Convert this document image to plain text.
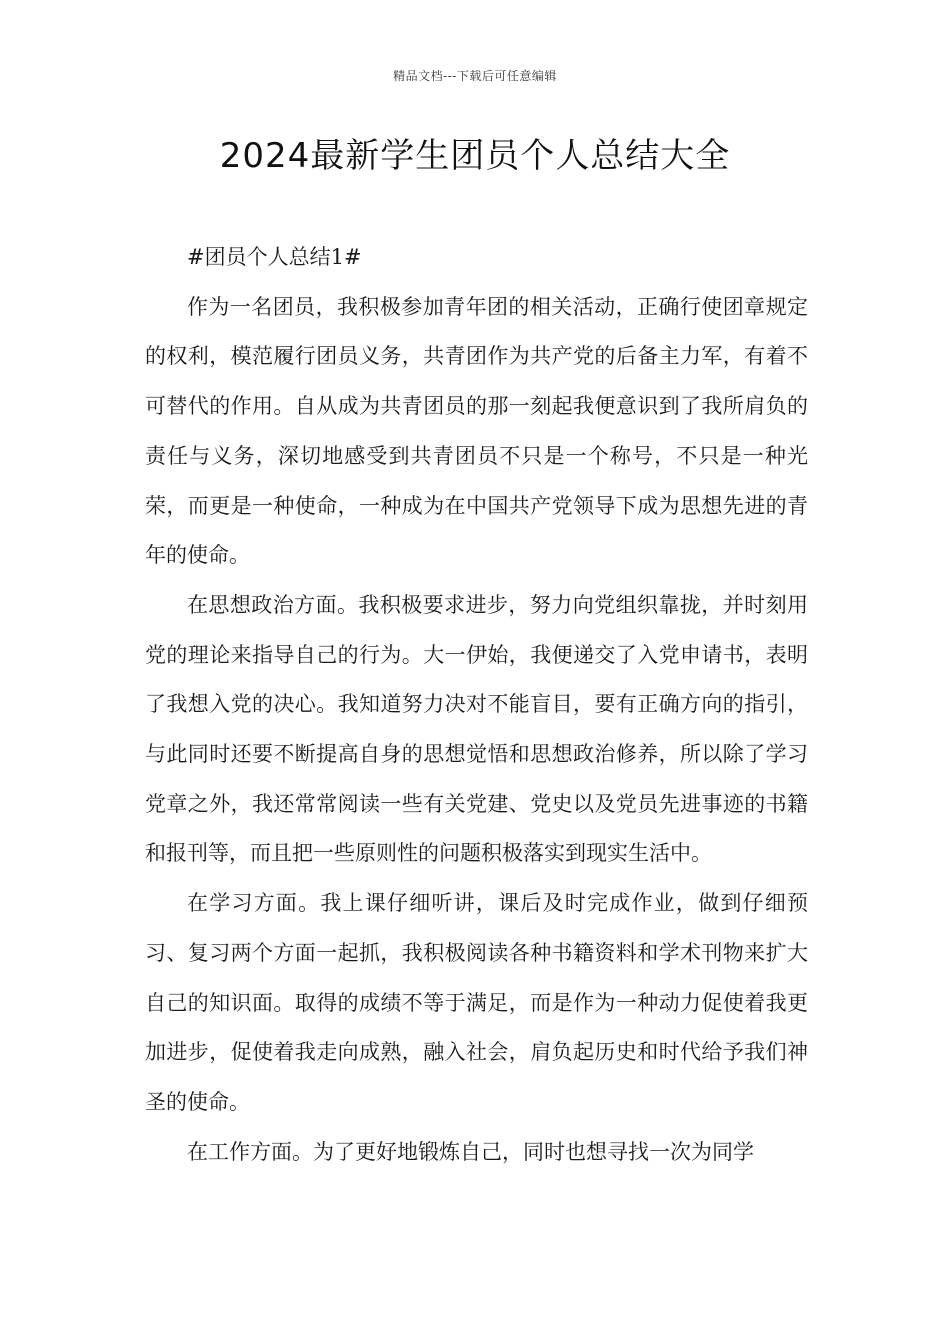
精品文档---下载后可任意编辑
2024最新学生团员个人总结大全

#团员个人总结1#

作为一名团员，我积极参加青年团的相关活动，正确行使团章规定的权利，模范履行团员义务，共青团作为共产党的后备主力军，有着不可替代的作用。自从成为共青团员的那一刻起我便意识到了我所肩负的责任与义务，深切地感受到共青团员不只是一个称号，不只是一种光荣，而更是一种使命，一种成为在中国共产党领导下成为思想先进的青年的使命。

在思想政治方面。我积极要求进步，努力向党组织靠拢，并时刻用党的理论来指导自己的行为。大一伊始，我便递交了入党申请书，表明了我想入党的决心。我知道努力决对不能盲目，要有正确方向的指引，与此同时还要不断提高自身的思想觉悟和思想政治修养，所以除了学习党章之外，我还常常阅读一些有关党建、党史以及党员先进事迹的书籍和报刊等，而且把一些原则性的问题积极落实到现实生活中。

在学习方面。我上课仔细听讲，课后及时完成作业，做到仔细预习、复习两个方面一起抓，我积极阅读各种书籍资料和学术刊物来扩大自己的知识面。取得的成绩不等于满足，而是作为一种动力促使着我更加进步，促使着我走向成熟，融入社会，肩负起历史和时代给予我们神圣的使命。

在工作方面。为了更好地锻炼自己，同时也想寻找一次为同学
